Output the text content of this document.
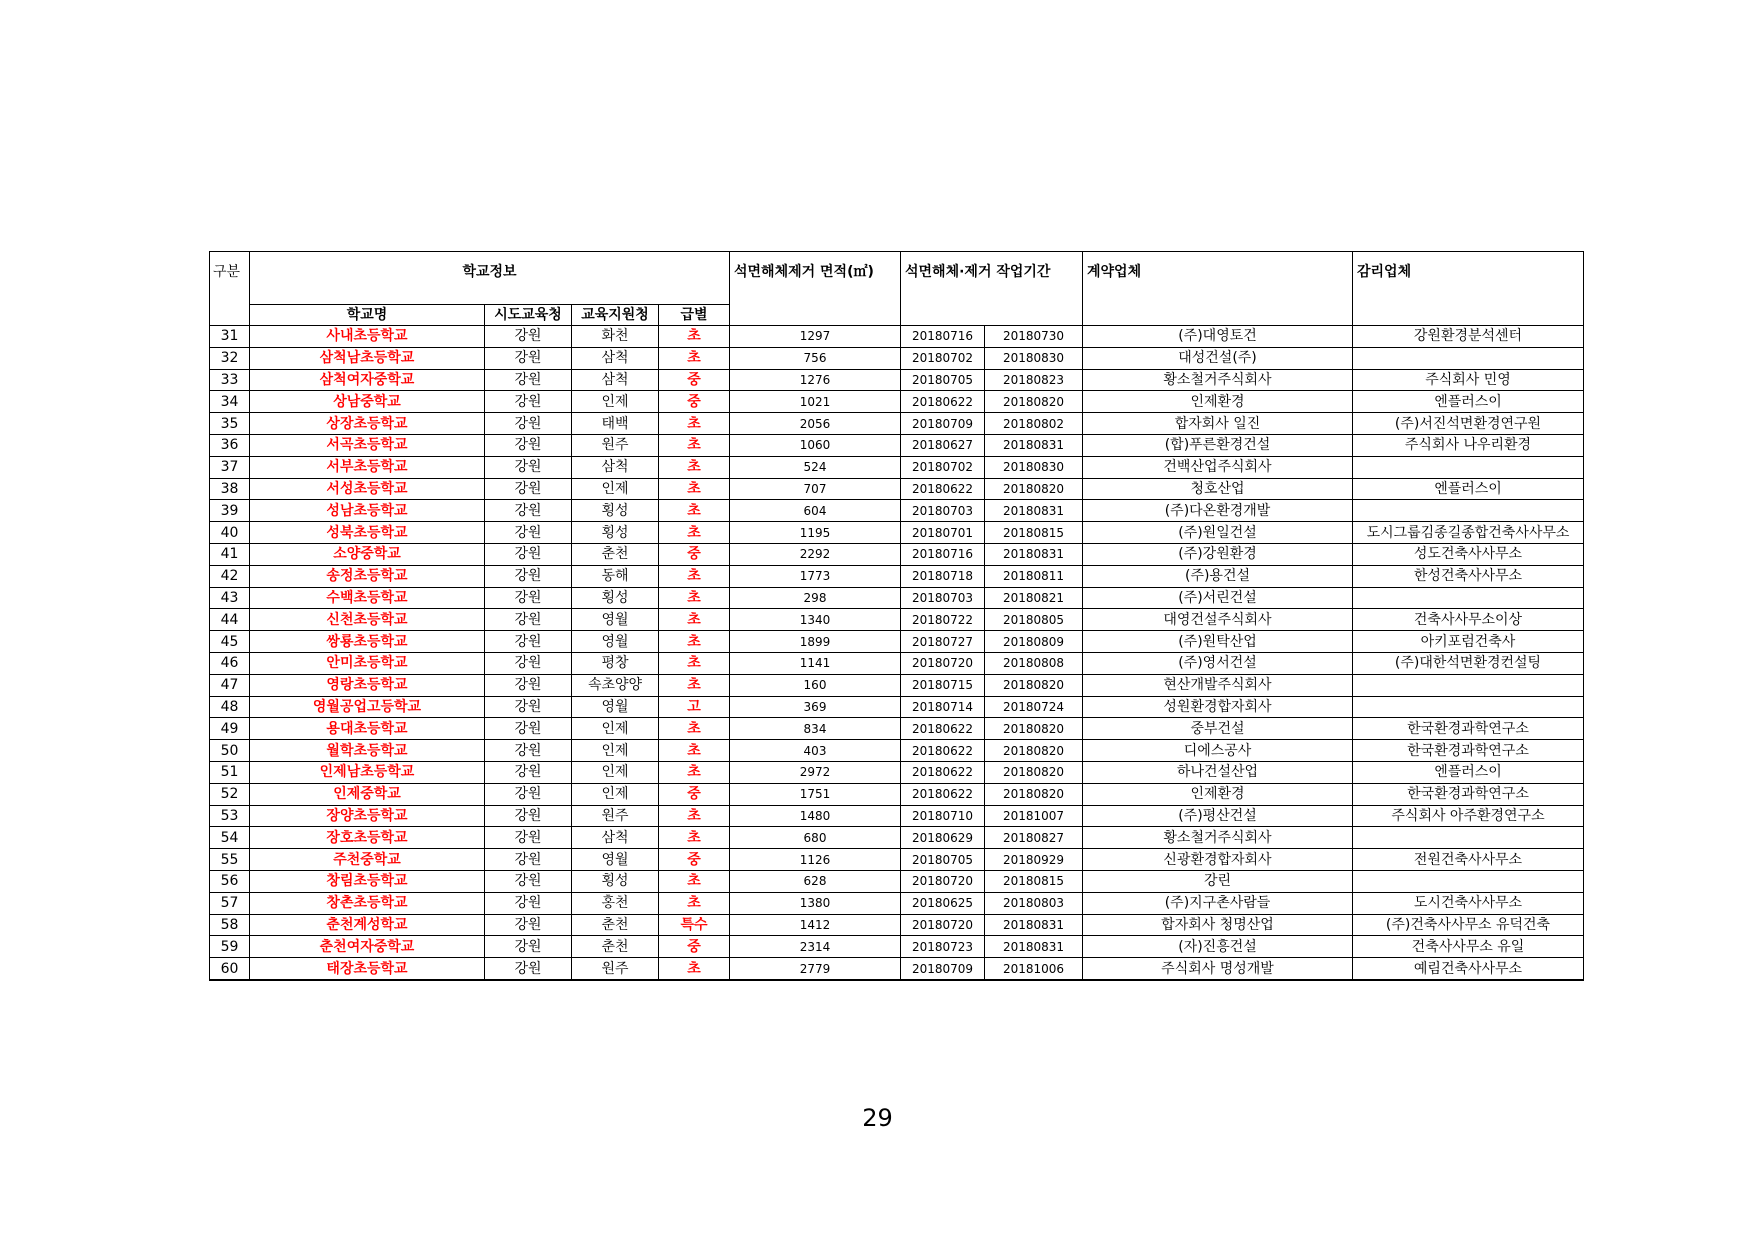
구분	학교정보				석면해체제거 면적(㎡)	석면해체·제거 작업기간		계약업체	감리업체
	학교명	시도교육청	교육지원청	급별					
31	사내초등학교	강원	화천	초	1297	20180716	20180730	(주)대영토건	강원환경분석센터
32	삼척남초등학교	강원	삼척	초	756	20180702	20180830	대성건설(주)	
33	삼척여자중학교	강원	삼척	중	1276	20180705	20180823	황소철거주식회사	주식회사 민영
34	상남중학교	강원	인제	중	1021	20180622	20180820	인제환경	엔플러스이
35	상장초등학교	강원	태백	초	2056	20180709	20180802	합자회사 일진	(주)서진석면환경연구원
36	서곡초등학교	강원	원주	초	1060	20180627	20180831	(합)푸른환경건설	주식회사 나우리환경
37	서부초등학교	강원	삼척	초	524	20180702	20180830	건백산업주식회사	
38	서성초등학교	강원	인제	초	707	20180622	20180820	청호산업	엔플러스이
39	성남초등학교	강원	횡성	초	604	20180703	20180831	(주)다온환경개발	
40	성북초등학교	강원	횡성	초	1195	20180701	20180815	(주)원일건설	도시그룹김종길종합건축사사무소
41	소양중학교	강원	춘천	중	2292	20180716	20180831	(주)강원환경	성도건축사사무소
42	송정초등학교	강원	동해	초	1773	20180718	20180811	(주)용건설	한성건축사사무소
43	수백초등학교	강원	횡성	초	298	20180703	20180821	(주)서린건설	
44	신천초등학교	강원	영월	초	1340	20180722	20180805	대영건설주식회사	건축사사무소이상
45	쌍룡초등학교	강원	영월	초	1899	20180727	20180809	(주)원탁산업	아키포럼건축사
46	안미초등학교	강원	평창	초	1141	20180720	20180808	(주)영서건설	(주)대한석면환경컨설팅
47	영랑초등학교	강원	속초양양	초	160	20180715	20180820	현산개발주식회사	
48	영월공업고등학교	강원	영월	고	369	20180714	20180724	성원환경합자회사	
49	용대초등학교	강원	인제	초	834	20180622	20180820	중부건설	한국환경과학연구소
50	월학초등학교	강원	인제	초	403	20180622	20180820	디에스공사	한국환경과학연구소
51	인제남초등학교	강원	인제	초	2972	20180622	20180820	하나건설산업	엔플러스이
52	인제중학교	강원	인제	중	1751	20180622	20180820	인제환경	한국환경과학연구소
53	장양초등학교	강원	원주	초	1480	20180710	20181007	(주)평산건설	주식회사 아주환경연구소
54	장호초등학교	강원	삼척	초	680	20180629	20180827	황소철거주식회사	
55	주천중학교	강원	영월	중	1126	20180705	20180929	신광환경합자회사	전원건축사사무소
56	창림초등학교	강원	횡성	초	628	20180720	20180815	강린	
57	창촌초등학교	강원	홍천	초	1380	20180625	20180803	(주)지구촌사람들	도시건축사사무소
58	춘천계성학교	강원	춘천	특수	1412	20180720	20180831	합자회사 청명산업	(주)건축사사무소 유덕건축
59	춘천여자중학교	강원	춘천	중	2314	20180723	20180831	(자)진흥건설	건축사사무소 유일
60	태장초등학교	강원	원주	초	2779	20180709	20181006	주식회사 명성개발	예림건축사사무소
29
